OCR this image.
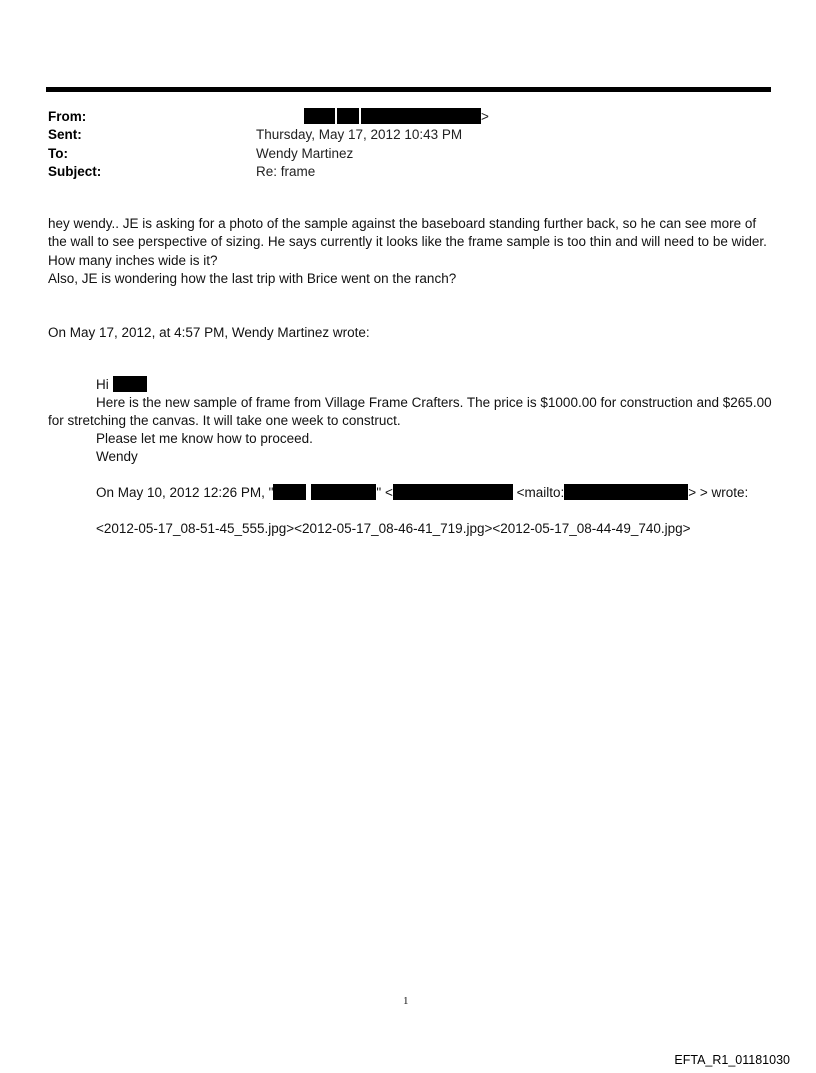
From:	>
Sent:	Thursday, May 17, 2012 10:43 PM
To:	Wendy Martinez
Subject:	Re: frame

hey wendy.. JE is asking for a photo of the sample against the baseboard standing further back, so he can see more of the wall to see perspective of sizing. He says currently it looks like the frame sample is too thin and will need to be wider.

How many inches wide is it?

Also, JE is wondering how the last trip with Brice went on the ranch?

On May 17, 2012, at 4:57 PM, Wendy Martinez wrote:

Hi

Here is the new sample of frame from Village Frame Crafters. The price is $1000.00 for construction and $265.00 for stretching the canvas. It will take one week to construct.

Please let me know how to proceed.

Wendy

On May 10, 2012 12:26 PM, "	" <	<mailto:	> > wrote:
<2012-05-17_08-51-45_555.jpg><2012-05-17_08-46-41_719.jpg><2012-05-17_08-44-49_740.jpg>
1
EFTA_R1_01181030
